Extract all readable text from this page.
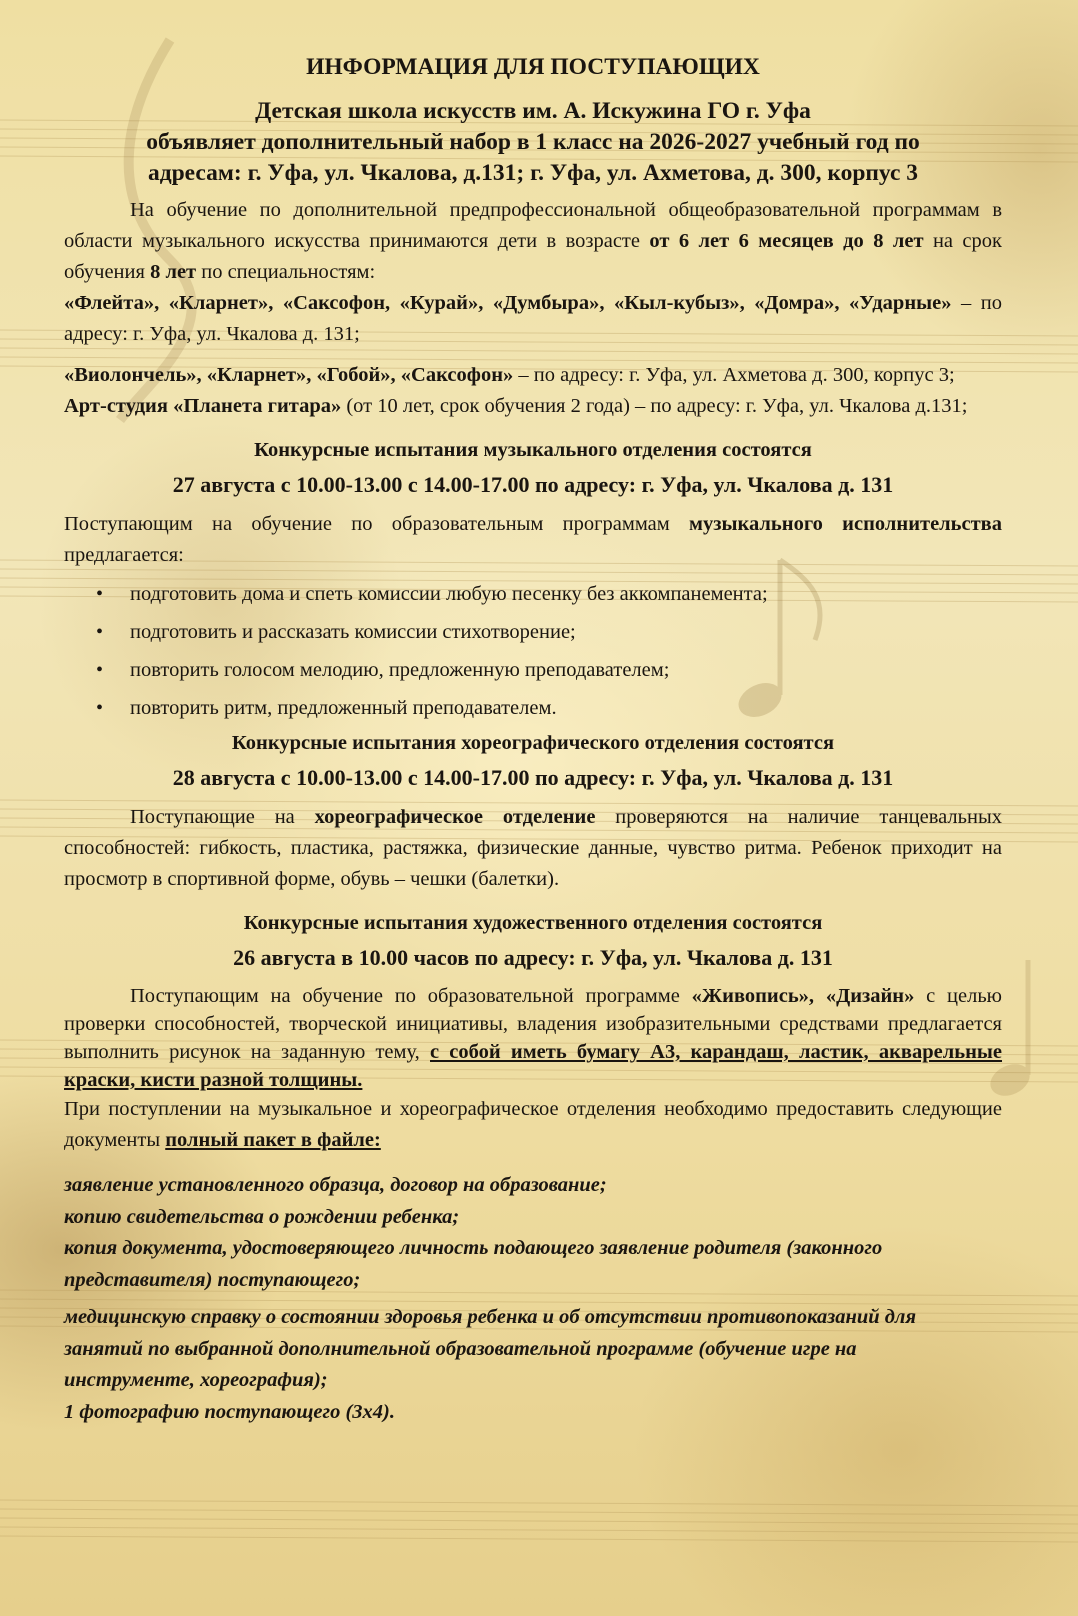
ИНФОРМАЦИЯ ДЛЯ ПОСТУПАЮЩИХ

Детская школа искусств им. А. Искужина ГО г. Уфа

объявляет дополнительный набор в 1 класс на 2026-2027 учебный год по

адресам: г. Уфа, ул. Чкалова, д.131; г. Уфа, ул. Ахметова, д. 300, корпус 3

На обучение по дополнительной предпрофессиональной общеобразовательной программам в области музыкального искусства принимаются дети в возрасте от 6 лет 6 месяцев до 8 лет на срок обучения 8 лет по специальностям:

«Флейта», «Кларнет», «Саксофон, «Курай», «Думбыра», «Кыл-кубыз», «Домра», «Ударные» – по адресу: г. Уфа, ул. Чкалова д. 131;

«Виолончель», «Кларнет», «Гобой», «Саксофон» – по адресу: г. Уфа, ул. Ахметова д. 300, корпус 3;

Арт-студия «Планета гитара» (от 10 лет, срок обучения 2 года) – по адресу: г. Уфа, ул. Чкалова д.131;

Конкурсные испытания музыкального отделения состоятся

27 августа с 10.00-13.00 с 14.00-17.00 по адресу: г. Уфа, ул. Чкалова д. 131

Поступающим на обучение по образовательным программам музыкального исполнительства предлагается:

• подготовить дома и спеть комиссии любую песенку без аккомпанемента;
• подготовить и рассказать комиссии стихотворение;
• повторить голосом мелодию, предложенную преподавателем;
• повторить ритм, предложенный преподавателем.

Конкурсные испытания хореографического отделения состоятся

28 августа с 10.00-13.00 с 14.00-17.00 по адресу: г. Уфа, ул. Чкалова д. 131

Поступающие на хореографическое отделение проверяются на наличие танцевальных способностей: гибкость, пластика, растяжка, физические данные, чувство ритма. Ребенок приходит на просмотр в спортивной форме, обувь – чешки (балетки).

Конкурсные испытания художественного отделения состоятся

26 августа в 10.00 часов по адресу: г. Уфа, ул. Чкалова д. 131

Поступающим на обучение по образовательной программе «Живопись», «Дизайн» с целью проверки способностей, творческой инициативы, владения изобразительными средствами предлагается выполнить рисунок на заданную тему, с собой иметь бумагу А3, карандаш, ластик, акварельные краски, кисти разной толщины.

При поступлении на музыкальное и хореографическое отделения необходимо предоставить следующие документы полный пакет в файле:

заявление установленного образца, договор на образование;

копию свидетельства о рождении ребенка;

копия документа, удостоверяющего личность подающего заявление родителя (законного представителя) поступающего;

медицинскую справку о состоянии здоровья ребенка и об отсутствии противопоказаний для занятий по выбранной дополнительной образовательной программе (обучение игре на инструменте, хореография);

1 фотографию поступающего (3х4).
